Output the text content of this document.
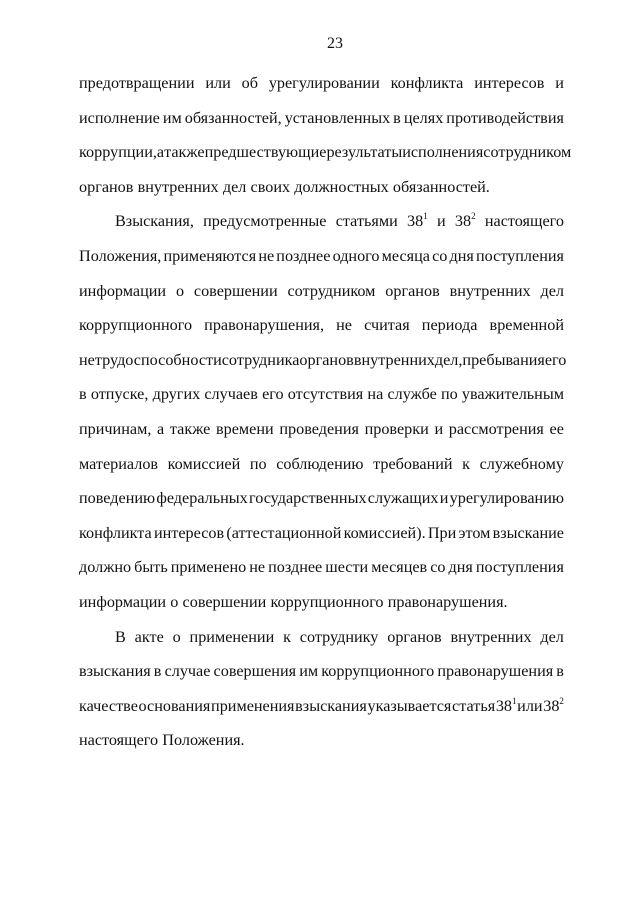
23
предотвращении или об урегулировании конфликта интересов и
исполнение им обязанностей, установленных в целях противодействия
коррупции, а также предшествующие результаты исполнения сотрудником
органов внутренних дел своих должностных обязанностей.
Взыскания, предусмотренные статьями $38^1$ и $38^2$ настоящего
Положения, применяются не позднее одного месяца со дня поступления
информации о совершении сотрудником органов внутренних дел
коррупционного правонарушения, не считая периода временной
нетрудоспособности сотрудника органов внутренних дел, пребывания его
в отпуске, других случаев его отсутствия на службе по уважительным
причинам, а также времени проведения проверки и рассмотрения ее
материалов комиссией по соблюдению требований к служебному
поведению федеральных государственных служащих и урегулированию
конфликта интересов (аттестационной комиссией). При этом взыскание
должно быть применено не позднее шести месяцев со дня поступления
информации о совершении коррупционного правонарушения.
В акте о применении к сотруднику органов внутренних дел
взыскания в случае совершения им коррупционного правонарушения в
качестве основания применения взыскания указывается статья $38^1$ или $38^2$
настоящего Положения.
